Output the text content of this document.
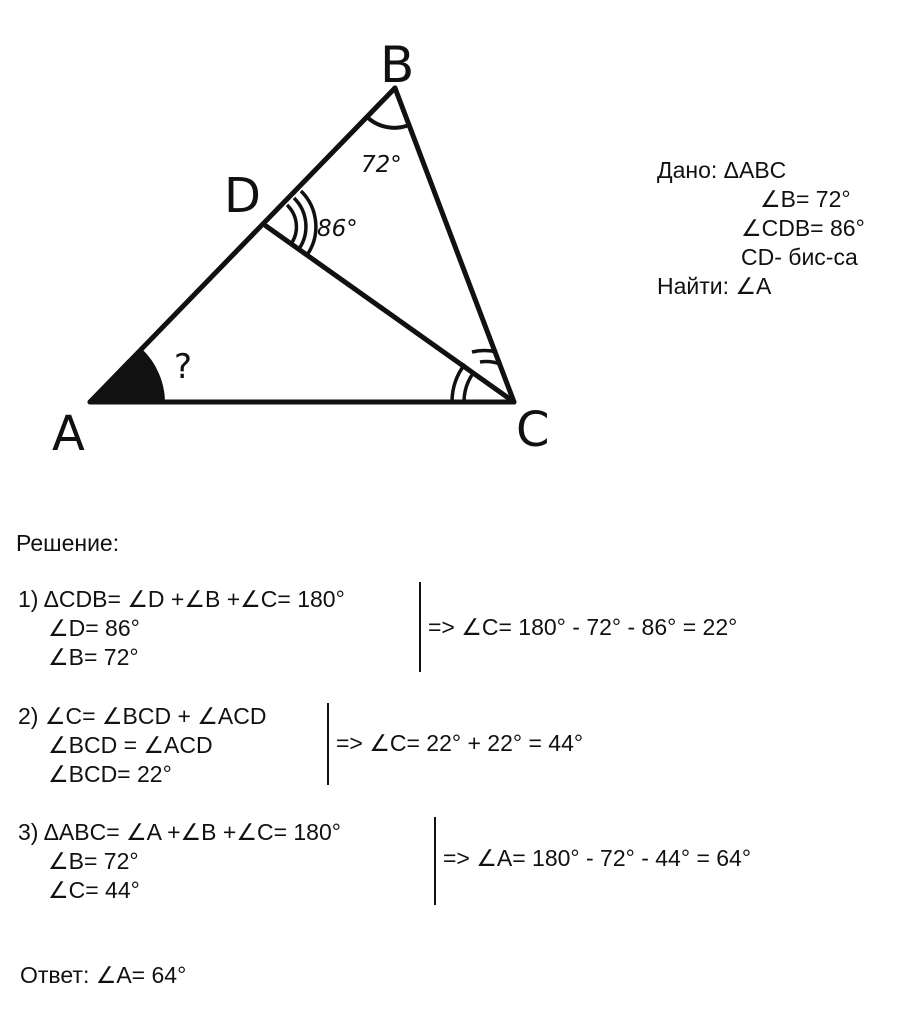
A
B
C
D
72°
86°
?
Дано: ΔABC
∠B= 72°
∠CDB= 86°
CD- бис-са
Найти: ∠A
Решение:
1) ΔCDB= ∠D +∠B +∠C= 180°
∠D= 86°
∠B= 72°
=> ∠C= 180° - 72° - 86° = 22°
2) ∠C= ∠BCD + ∠ACD
∠BCD = ∠ACD
∠BCD= 22°
=> ∠C= 22° + 22° = 44°
3) ΔABC= ∠A +∠B +∠C= 180°
∠B= 72°
∠C= 44°
=> ∠A= 180° - 72° - 44° = 64°
Ответ: ∠A= 64°
